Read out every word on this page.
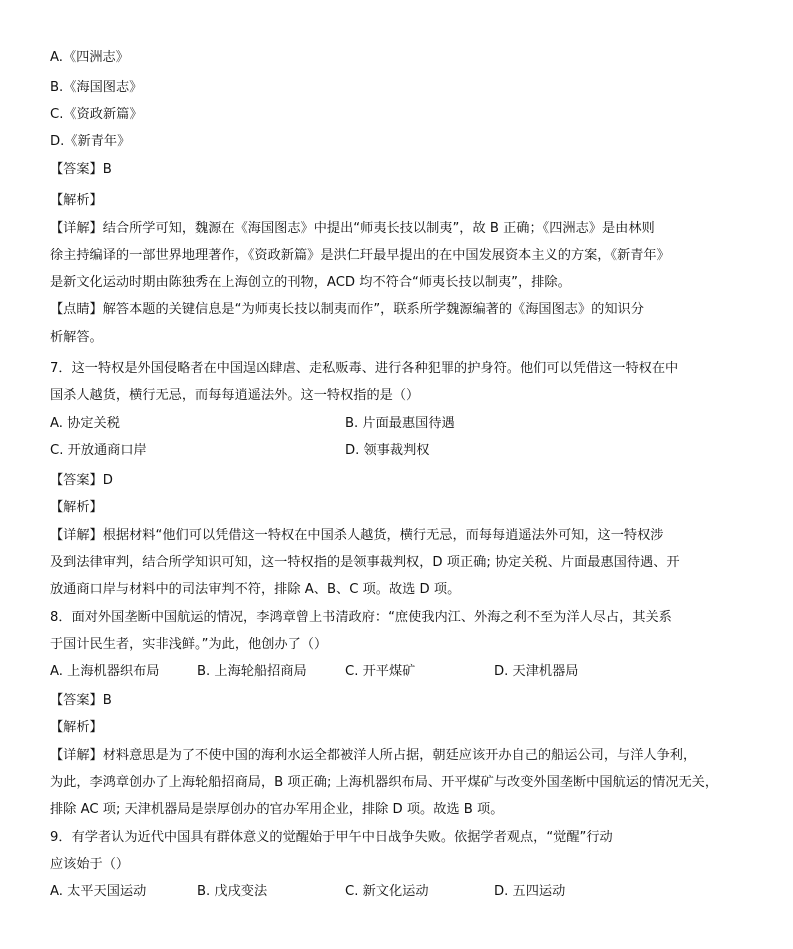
A.《四洲志》
B.《海国图志》
C.《资政新篇》
D.《新青年》
【答案】B
【解析】
【详解】结合所学可知，魏源在《海国图志》中提出“师夷长技以制夷”，故 B 正确；《四洲志》是由林则
徐主持编译的一部世界地理著作，《资政新篇》是洪仁玕最早提出的在中国发展资本主义的方案，《新青年》
是新文化运动时期由陈独秀在上海创立的刊物，ACD 均不符合“师夷长技以制夷”，排除。
【点睛】解答本题的关键信息是“为师夷长技以制夷而作”，联系所学魏源编著的《海国图志》的知识分
析解答。
7．这一特权是外国侵略者在中国逞凶肆虐、走私贩毒、进行各种犯罪的护身符。他们可以凭借这一特权在中
国杀人越货，横行无忌，而每每逍遥法外。这一特权指的是（）
A. 协定关税	B. 片面最惠国待遇
C. 开放通商口岸	D. 领事裁判权
【答案】D
【解析】
【详解】根据材料“他们可以凭借这一特权在中国杀人越货，横行无忌，而每每逍遥法外可知，这一特权涉
及到法律审判，结合所学知识可知，这一特权指的是领事裁判权，D 项正确; 协定关税、片面最惠国待遇、开
放通商口岸与材料中的司法审判不符，排除 A、B、C 项。故选 D 项。
8．面对外国垄断中国航运的情况，李鸿章曾上书清政府：“庶使我内江、外海之利不至为洋人尽占，其关系
于国计民生者，实非浅鲜。”为此，他创办了（）
A. 上海机器织布局	B. 上海轮船招商局	C. 开平煤矿	D. 天津机器局
【答案】B
【解析】
【详解】材料意思是为了不使中国的海利水运全都被洋人所占据，朝廷应该开办自己的船运公司，与洋人争利，
为此，李鸿章创办了上海轮船招商局，B 项正确; 上海机器织布局、开平煤矿与改变外国垄断中国航运的情况无关，
排除 AC 项; 天津机器局是崇厚创办的官办军用企业，排除 D 项。故选 B 项。
9．有学者认为近代中国具有群体意义的觉醒始于甲午中日战争失败。依据学者观点，“觉醒”行动
应该始于（）
A. 太平天国运动	B. 戊戌变法	C. 新文化运动	D. 五四运动
